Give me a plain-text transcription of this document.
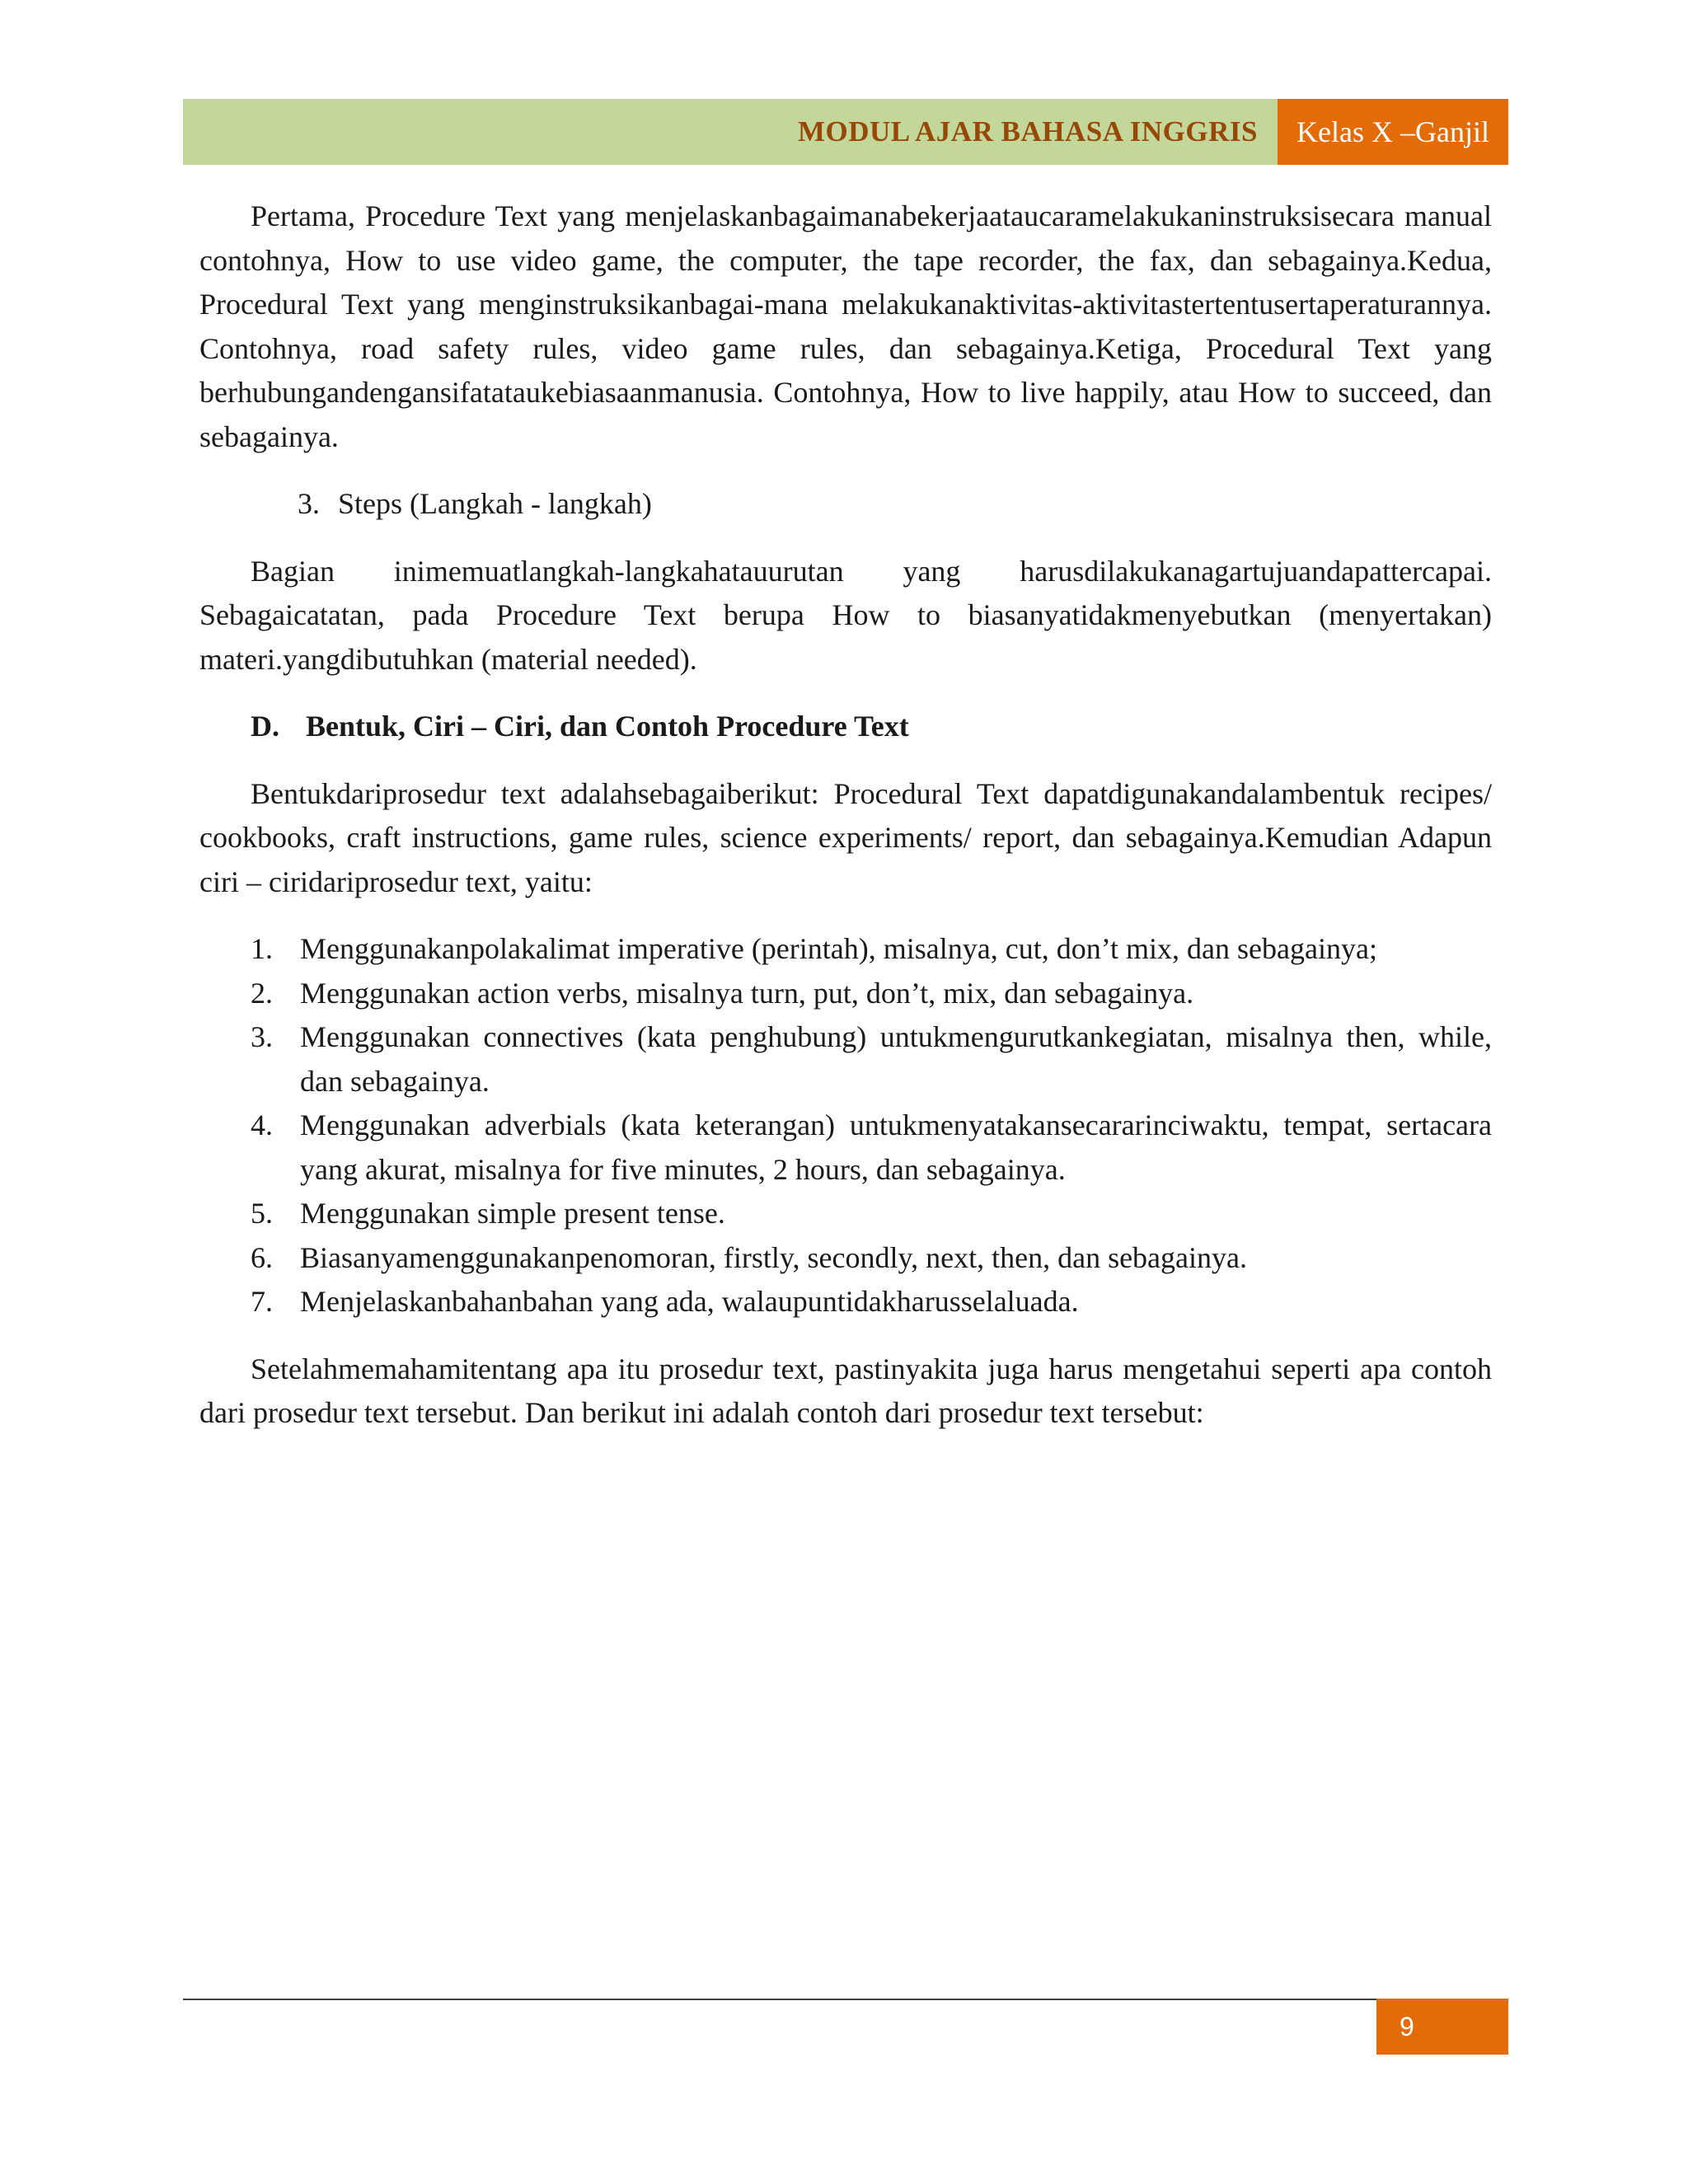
MODUL AJAR BAHASA INGGRIS	Kelas X –Ganjil

Pertama, Procedure Text yang menjelaskanbagaimanabekerjaataucaramelakukaninstruksisecara manual contohnya, How to use video game, the computer, the tape recorder, the fax, dan sebagainya.Kedua, Procedural Text yang menginstruksikanbagai-mana melakukanaktivitas-aktivitastertentusertaperaturannya. Contohnya, road safety rules, video game rules, dan sebagainya.Ketiga, Procedural Text yang berhubungandengansifatataukebiasaanmanusia. Contohnya, How to live happily, atau How to succeed, dan sebagainya.

3. Steps (Langkah - langkah)

Bagian inimemuatlangkah-langkahatauurutan yang harusdilakukanagartujuandapattercapai. Sebagaicatatan, pada Procedure Text berupa How to biasanyatidakmenyebutkan (menyertakan) materi.yangdibutuhkan (material needed).

D. Bentuk, Ciri – Ciri, dan Contoh Procedure Text

Bentukdariprosedur text adalahsebagaiberikut: Procedural Text dapatdigunakandalambentuk recipes/ cookbooks, craft instructions, game rules, science experiments/ report, dan sebagainya.Kemudian Adapun ciri – ciridariprosedur text, yaitu:

1. Menggunakanpolakalimat imperative (perintah), misalnya, cut, don’t mix, dan sebagainya;
2. Menggunakan action verbs, misalnya turn, put, don’t, mix, dan sebagainya.
3. Menggunakan connectives (kata penghubung) untukmengurutkankegiatan, misalnya then, while, dan sebagainya.
4. Menggunakan adverbials (kata keterangan) untukmenyatakansecararinciwaktu, tempat, sertacara yang akurat, misalnya for five minutes, 2 hours, dan sebagainya.
5. Menggunakan simple present tense.
6. Biasanyamenggunakanpenomoran, firstly, secondly, next, then, dan sebagainya.
7. Menjelaskanbahanbahan yang ada, walaupuntidakharusselaluada.

Setelahmemahamitentang apa itu prosedur text, pastinyakita juga harus mengetahui seperti apa contoh dari prosedur text tersebut. Dan berikut ini adalah contoh dari prosedur text tersebut:

9
